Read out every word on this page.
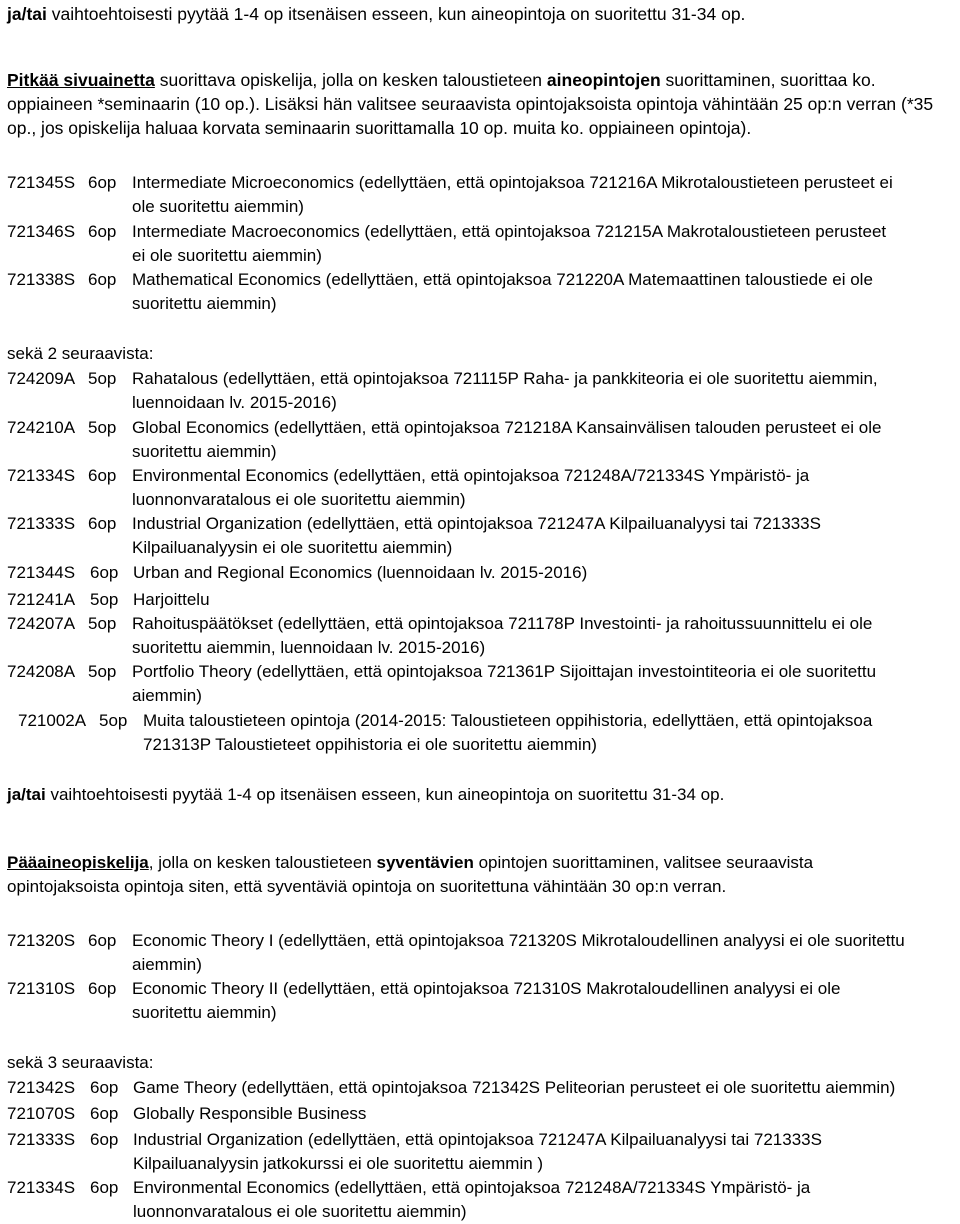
ja/tai vaihtoehtoisesti pyytää 1-4 op itsenäisen esseen, kun aineopintoja on suoritettu 31-34 op.
Pitkää sivuainetta suorittava opiskelija, jolla on kesken taloustieteen aineopintojen suorittaminen, suorittaa ko.
oppiaineen *seminaarin (10 op.). Lisäksi hän valitsee seuraavista opintojaksoista opintoja vähintään 25 op:n verran (*35
op., jos opiskelija haluaa korvata seminaarin suorittamalla 10 op. muita ko. oppiaineen opintoja).
721345S 6op Intermediate Microeconomics (edellyttäen, että opintojaksoa 721216A Mikrotaloustieteen perusteet ei
ole suoritettu aiemmin)
721346S 6op Intermediate Macroeconomics (edellyttäen, että opintojaksoa 721215A Makrotaloustieteen perusteet
ei ole suoritettu aiemmin)
721338S 6op Mathematical Economics (edellyttäen, että opintojaksoa 721220A Matemaattinen taloustiede ei ole
suoritettu aiemmin)
sekä 2 seuraavista:
724209A 5op Rahatalous (edellyttäen, että opintojaksoa 721115P Raha- ja pankkiteoria ei ole suoritettu aiemmin,
luennoidaan lv. 2015-2016)
724210A 5op Global Economics (edellyttäen, että opintojaksoa 721218A Kansainvälisen talouden perusteet ei ole
suoritettu aiemmin)
721334S 6op Environmental Economics (edellyttäen, että opintojaksoa 721248A/721334S Ympäristö- ja
luonnonvaratalous ei ole suoritettu aiemmin)
721333S 6op Industrial Organization (edellyttäen, että opintojaksoa 721247A Kilpailuanalyysi tai 721333S
Kilpailuanalyysin ei ole suoritettu aiemmin)
721344S 6op Urban and Regional Economics (luennoidaan lv. 2015-2016)
721241A 5op Harjoittelu
724207A 5op Rahoituspäätökset (edellyttäen, että opintojaksoa 721178P Investointi- ja rahoitussuunnittelu ei ole
suoritettu aiemmin, luennoidaan lv. 2015-2016)
724208A 5op Portfolio Theory (edellyttäen, että opintojaksoa 721361P Sijoittajan investointiteoria ei ole suoritettu
aiemmin)
721002A 5op Muita taloustieteen opintoja (2014-2015: Taloustieteen oppihistoria, edellyttäen, että opintojaksoa
721313P Taloustieteet oppihistoria ei ole suoritettu aiemmin)
ja/tai vaihtoehtoisesti pyytää 1-4 op itsenäisen esseen, kun aineopintoja on suoritettu 31-34 op.
Pääaineopiskelija, jolla on kesken taloustieteen syventävien opintojen suorittaminen, valitsee seuraavista
opintojaksoista opintoja siten, että syventäviä opintoja on suoritettuna vähintään 30 op:n verran.
721320S 6op Economic Theory I (edellyttäen, että opintojaksoa 721320S Mikrotaloudellinen analyysi ei ole suoritettu
aiemmin)
721310S 6op Economic Theory II (edellyttäen, että opintojaksoa 721310S Makrotaloudellinen analyysi ei ole
suoritettu aiemmin)
sekä 3 seuraavista:
721342S 6op Game Theory (edellyttäen, että opintojaksoa 721342S Peliteorian perusteet ei ole suoritettu aiemmin)
721070S 6op Globally Responsible Business
721333S 6op Industrial Organization (edellyttäen, että opintojaksoa 721247A Kilpailuanalyysi tai 721333S
Kilpailuanalyysin jatkokurssi ei ole suoritettu aiemmin )
721334S 6op Environmental Economics (edellyttäen, että opintojaksoa 721248A/721334S Ympäristö- ja
luonnonvaratalous ei ole suoritettu aiemmin)
